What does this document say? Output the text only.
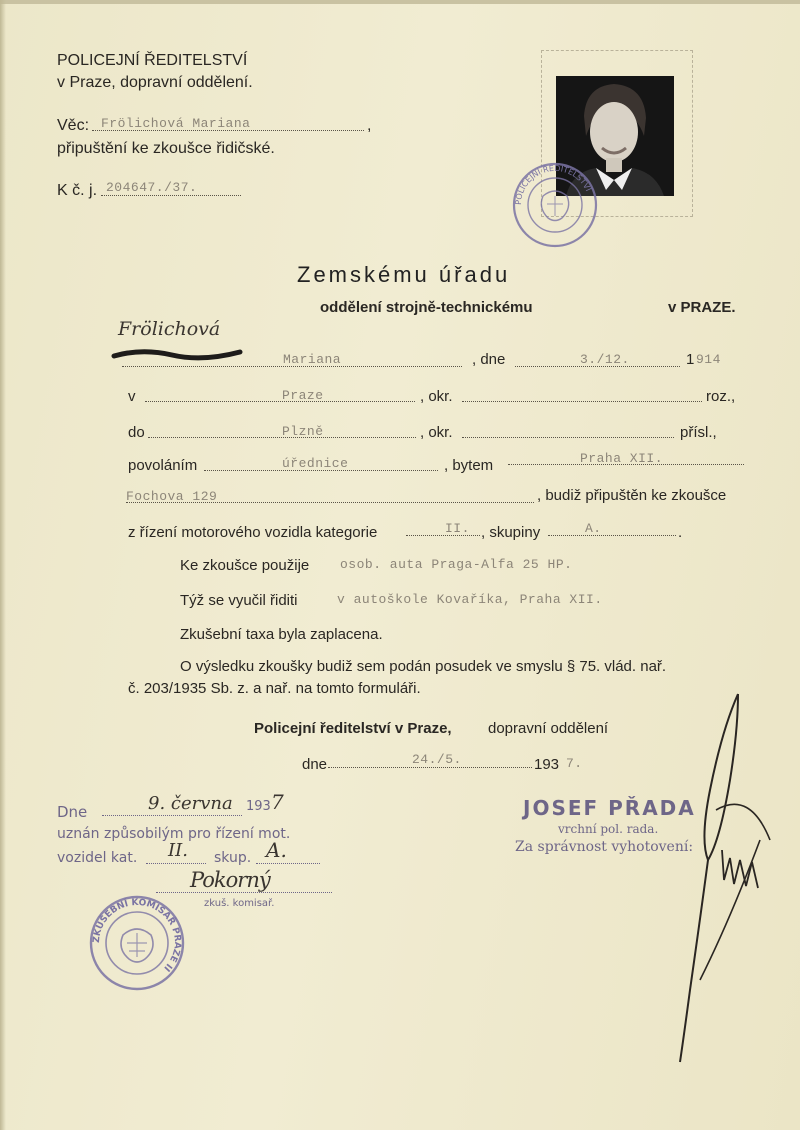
POLICEJNÍ ŘEDITELSTVÍ
v Praze, dopravní oddělení.
Věc: Frölichová Mariana	,
připuštění ke zkoušce řidičské.
K č. j. 204647./37.
POLICEJNÍ ŘEDITELSTVÍ
Zemskému úřadu
oddělení strojně-technickému	v PRAZE.
Frölichová
Mariana	, dne	3./12.	1 914
v	Praze	, okr.	roz.,
do	Plzně	, okr.	přísl.,
povoláním	úřednice	, bytem	Praha XII.
Fochova 129	, budiž připuštěn ke zkoušce
z řízení motorového vozidla kategorie	II. , skupiny	A.	.
Ke zkoušce použije osob. auta Praga-Alfa 25 HP.
Týž se vyučil řiditi	v autoškole Kovaříka, Praha XII.
Zkušební taxa byla zaplacena.
O výsledku zkoušky budiž sem podán posudek ve smyslu § 75. vlád. nař.
č. 203/1935 Sb. z. a nař. na tomto formuláři.
Policejní ředitelství v Praze, dopravní oddělení
dne	24./5.	193 7.
JOSEF PŘADA
vrchní pol. rada.
Za správnost vyhotovení:
Dne	9. června 193 7
uznán způsobilým pro řízení mot.
vozidel kat. II. skup. A.
Pokorný
zkuš. komisař.
ZKUŠEBNÍ KOMISAŘ PRAZE II
